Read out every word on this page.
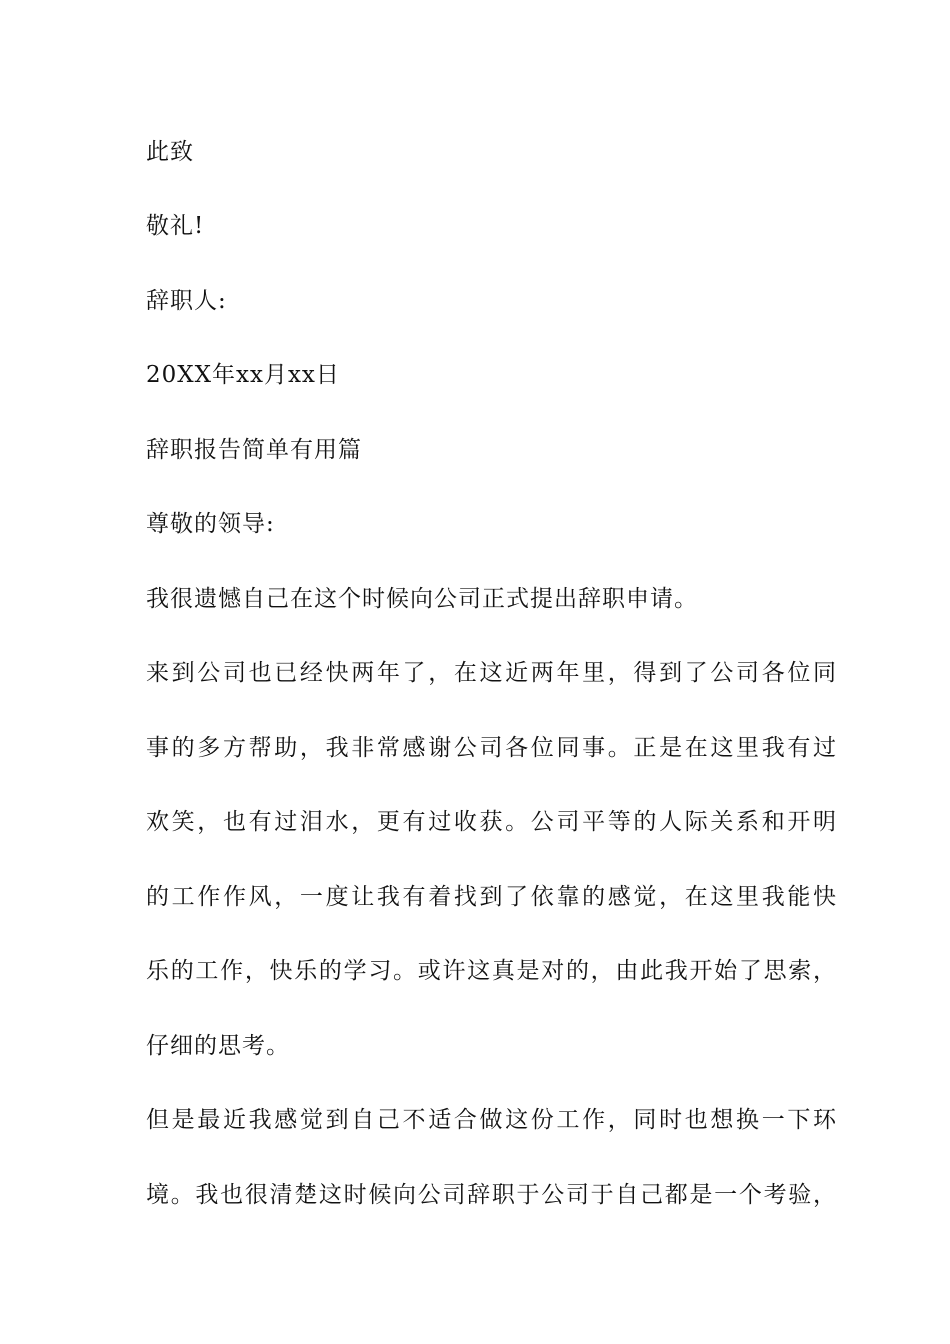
此致
敬礼!
辞职人:
20XX年xx月xx日
辞职报告简单有用篇
尊敬的领导:
我很遗憾自己在这个时候向公司正式提出辞职申请。
来到公司也已经快两年了，在这近两年里，得到了公司各位同
事的多方帮助，我非常感谢公司各位同事。正是在这里我有过
欢笑，也有过泪水，更有过收获。公司平等的人际关系和开明
的工作作风，一度让我有着找到了依靠的感觉，在这里我能快
乐的工作，快乐的学习。或许这真是对的，由此我开始了思索，
仔细的思考。
但是最近我感觉到自己不适合做这份工作，同时也想换一下环
境。我也很清楚这时候向公司辞职于公司于自己都是一个考验，
